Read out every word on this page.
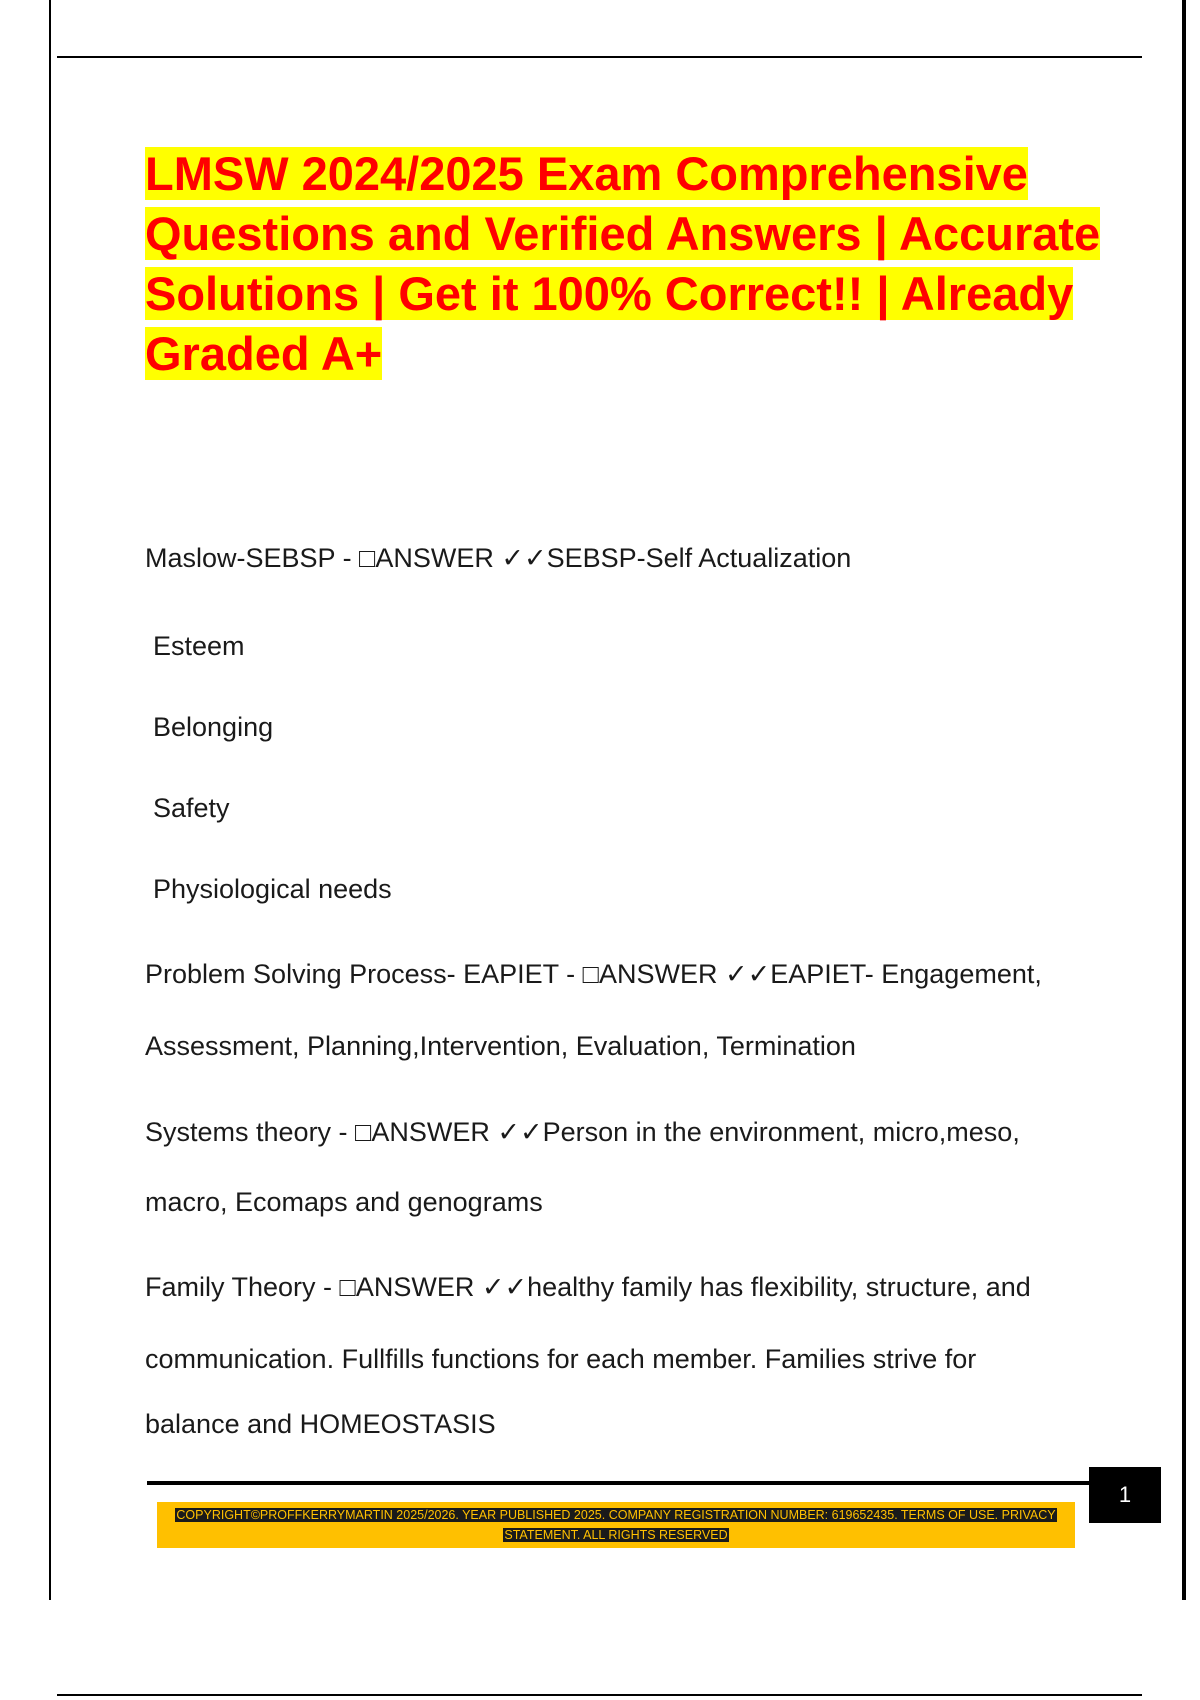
LMSW 2024/2025 Exam Comprehensive Questions and Verified Answers | Accurate Solutions | Get it 100% Correct!! | Already Graded A+

Maslow-SEBSP - □ANSWER ✓✓SEBSP-Self Actualization

Esteem

Belonging

Safety

Physiological needs

Problem Solving Process- EAPIET - □ANSWER ✓✓EAPIET- Engagement,

Assessment, Planning,Intervention, Evaluation, Termination

Systems theory - □ANSWER ✓✓Person in the environment, micro,meso,

macro, Ecomaps and genograms

Family Theory - □ANSWER ✓✓healthy family has flexibility, structure, and

communication. Fullfills functions for each member. Families strive for

balance and HOMEOSTASIS

1
COPYRIGHT©PROFFKERRYMARTIN 2025/2026. YEAR PUBLISHED 2025. COMPANY REGISTRATION NUMBER: 619652435. TERMS OF USE. PRIVACY STATEMENT. ALL RIGHTS RESERVED
